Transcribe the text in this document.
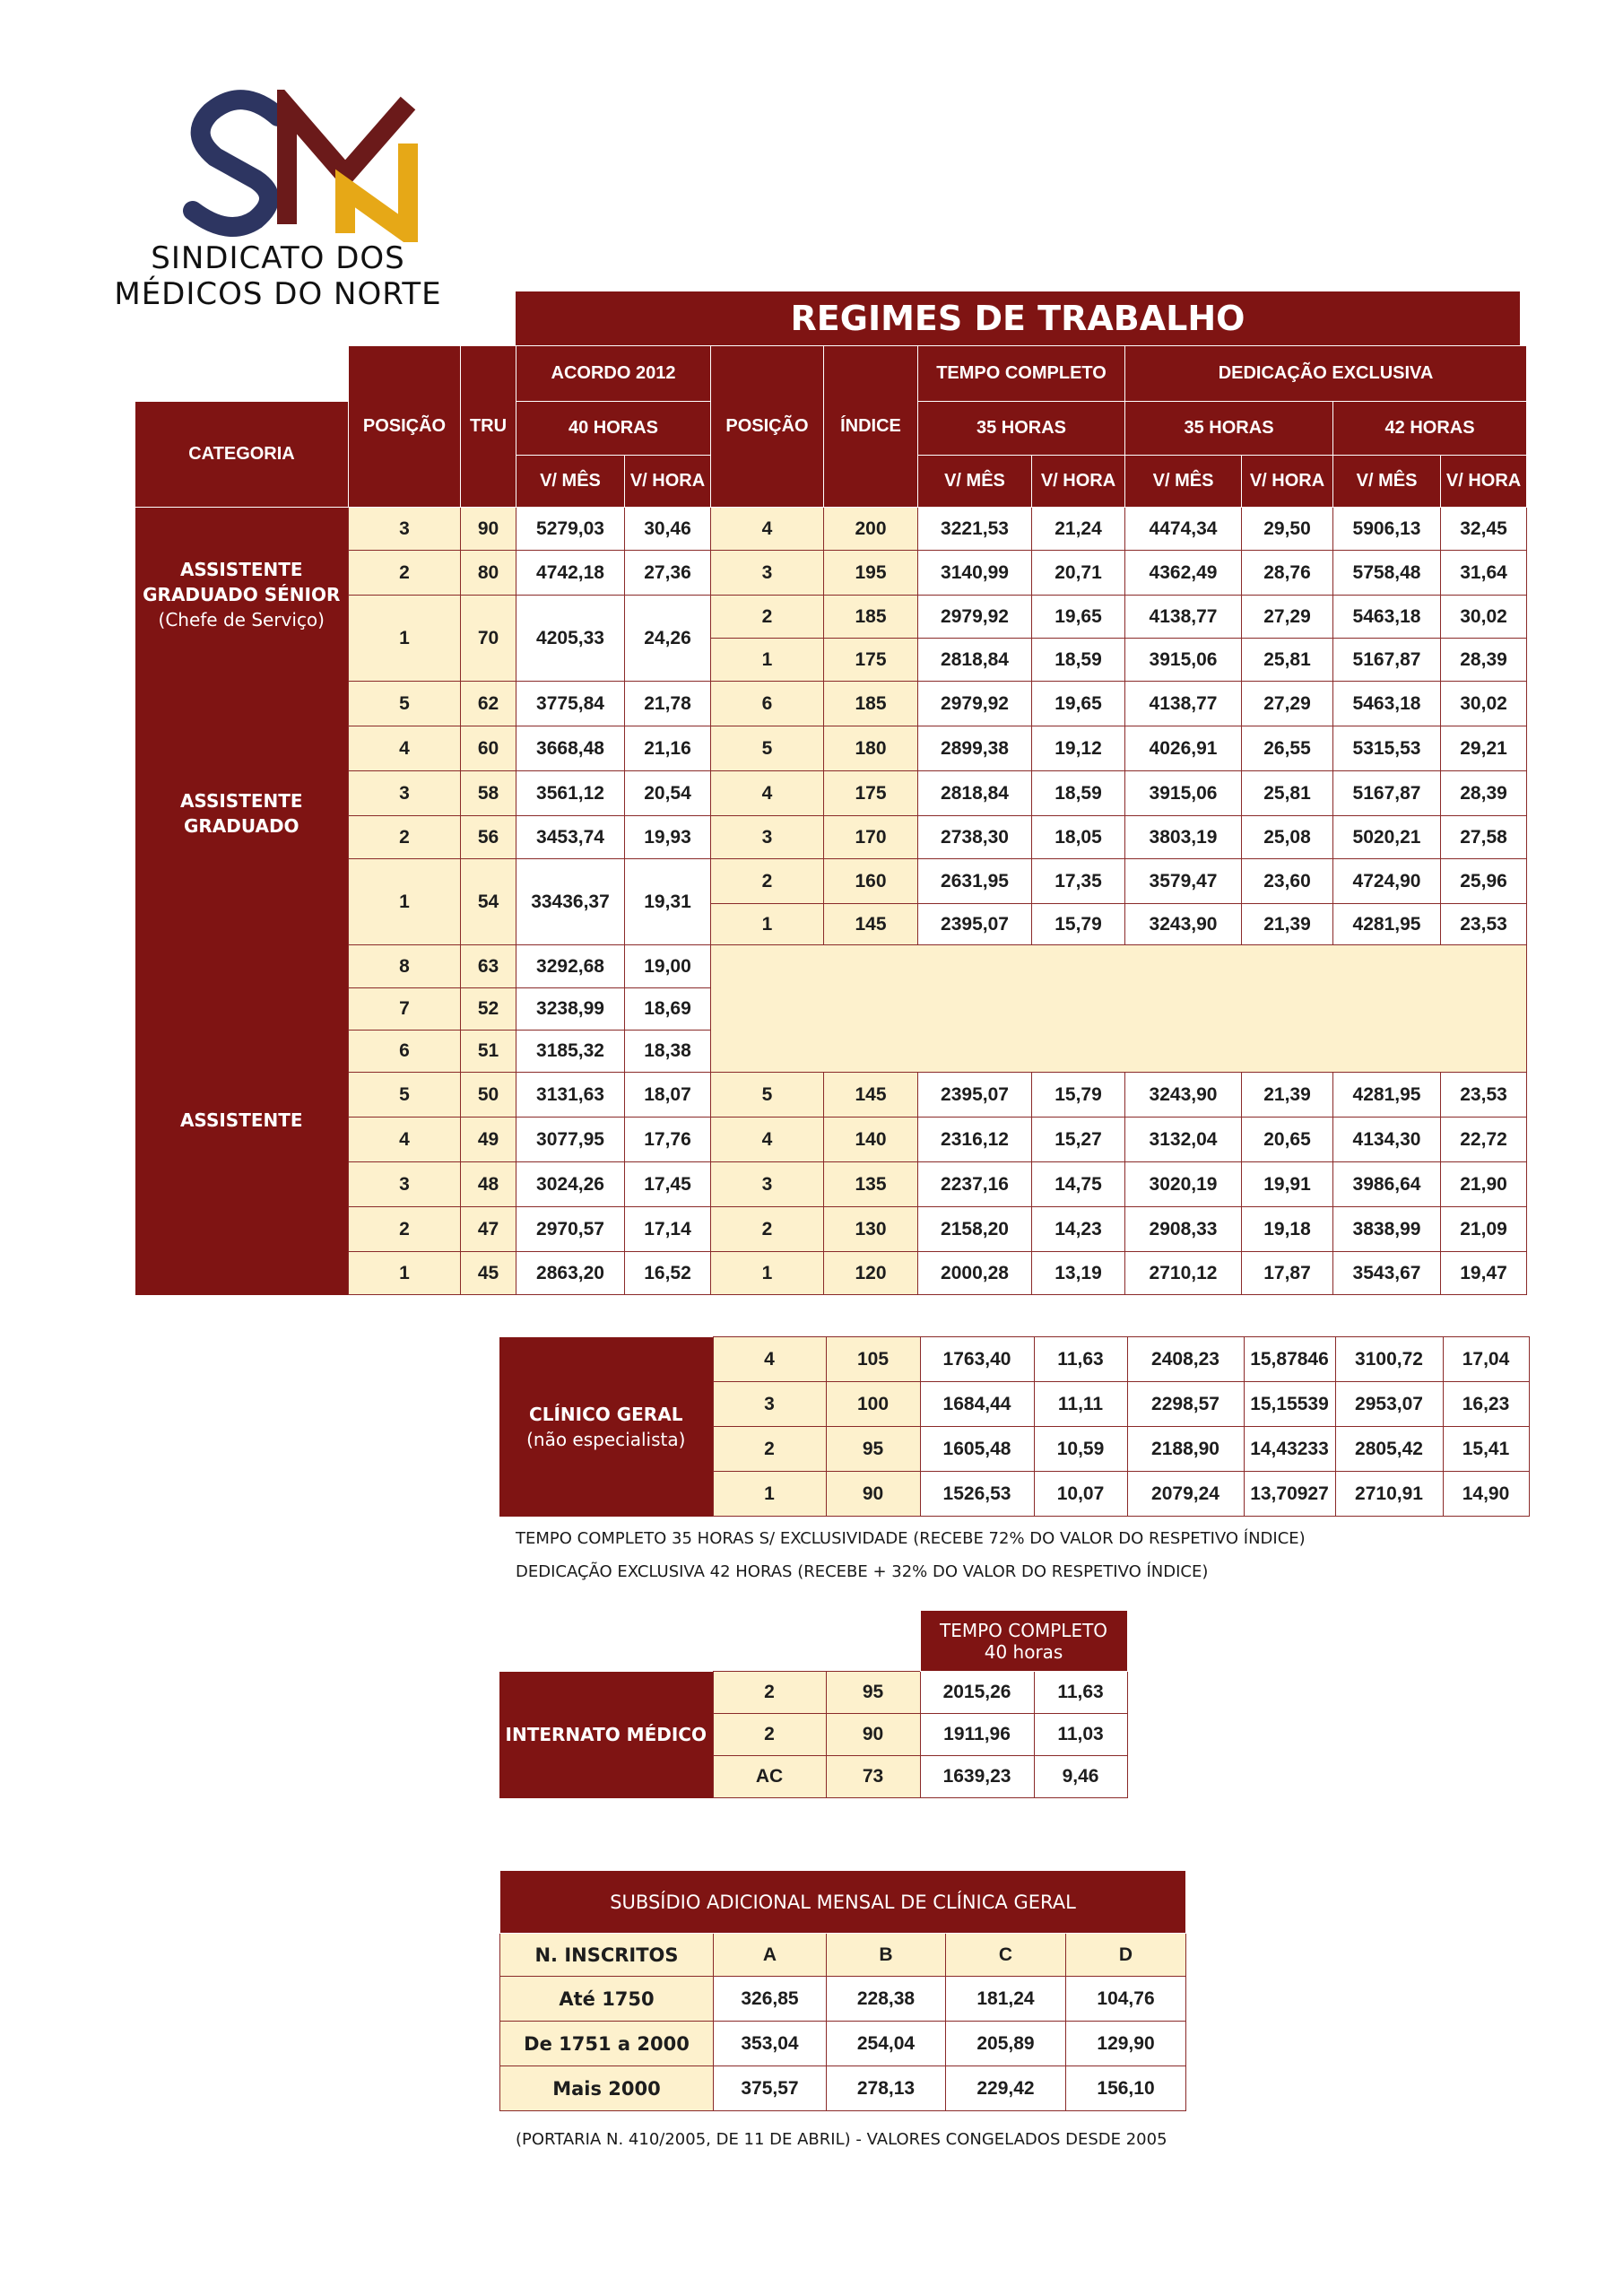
SINDICATO DOS
MÉDICOS DO NORTE
REGIMES DE TRABALHO
	POSIÇÃO	TRU	ACORDO 2012		POSIÇÃO	ÍNDICE	TEMPO COMPLETO		DEDICAÇÃO EXCLUSIVA			
CATEGORIA			40 HORAS				35 HORAS		35 HORAS		42 HORAS	
			V/ MÊS	V/ HORA			V/ MÊS	V/ HORA	V/ MÊS	V/ HORA	V/ MÊS	V/ HORA

ASSISTENTE
GRADUADO SÉNIOR
(Chefe de Serviço)	3	90	5279,03	30,46	4	200	3221,53	21,24	4474,34	29,50	5906,13	32,45
	2	80	4742,18	27,36	3	195	3140,99	20,71	4362,49	28,76	5758,48	31,64
	1	70	4205,33	24,26	2	185	2979,92	19,65	4138,77	27,29	5463,18	30,02
					1	175	2818,84	18,59	3915,06	25,81	5167,87	28,39

ASSISTENTE
GRADUADO	5	62	3775,84	21,78	6	185	2979,92	19,65	4138,77	27,29	5463,18	30,02
	4	60	3668,48	21,16	5	180	2899,38	19,12	4026,91	26,55	5315,53	29,21
	3	58	3561,12	20,54	4	175	2818,84	18,59	3915,06	25,81	5167,87	28,39
	2	56	3453,74	19,93	3	170	2738,30	18,05	3803,19	25,08	5020,21	27,58
	1	54	33436,37	19,31	2	160	2631,95	17,35	3579,47	23,60	4724,90	25,96
					1	145	2395,07	15,79	3243,90	21,39	4281,95	23,53

ASSISTENTE	8	63	3292,68	19,00								
	7	52	3238,99	18,69								
	6	51	3185,32	18,38								
	5	50	3131,63	18,07	5	145	2395,07	15,79	3243,90	21,39	4281,95	23,53
	4	49	3077,95	17,76	4	140	2316,12	15,27	3132,04	20,65	4134,30	22,72
	3	48	3024,26	17,45	3	135	2237,16	14,75	3020,19	19,91	3986,64	21,90
	2	47	2970,57	17,14	2	130	2158,20	14,23	2908,33	19,18	3838,99	21,09
	1	45	2863,20	16,52	1	120	2000,28	13,19	2710,12	17,87	3543,67	19,47
CLÍNICO GERAL
(não especialista)	4	105	1763,40	11,63	2408,23	15,87846	3100,72	17,04
	3	100	1684,44	11,11	2298,57	15,15539	2953,07	16,23
	2	95	1605,48	10,59	2188,90	14,43233	2805,42	15,41
	1	90	1526,53	10,07	2079,24	13,70927	2710,91	14,90
TEMPO COMPLETO 35 HORAS S/ EXCLUSIVIDADE (RECEBE 72% DO VALOR DO RESPETIVO ÍNDICE)
DEDICAÇÃO EXCLUSIVA 42 HORAS (RECEBE + 32% DO VALOR DO RESPETIVO ÍNDICE)

			TEMPO COMPLETO
40 horas	

INTERNATO MÉDICO	2	95	2015,26	11,63
	2	90	1911,96	11,03
	AC	73	1639,23	9,46
SUBSÍDIO ADICIONAL MENSAL DE CLÍNICA GERAL				
N. INSCRITOS	A	B	C	D
Até 1750	326,85	228,38	181,24	104,76
De 1751 a 2000	353,04	254,04	205,89	129,90
Mais 2000	375,57	278,13	229,42	156,10
(PORTARIA N. 410/2005, DE 11 DE ABRIL) - VALORES CONGELADOS DESDE 2005
